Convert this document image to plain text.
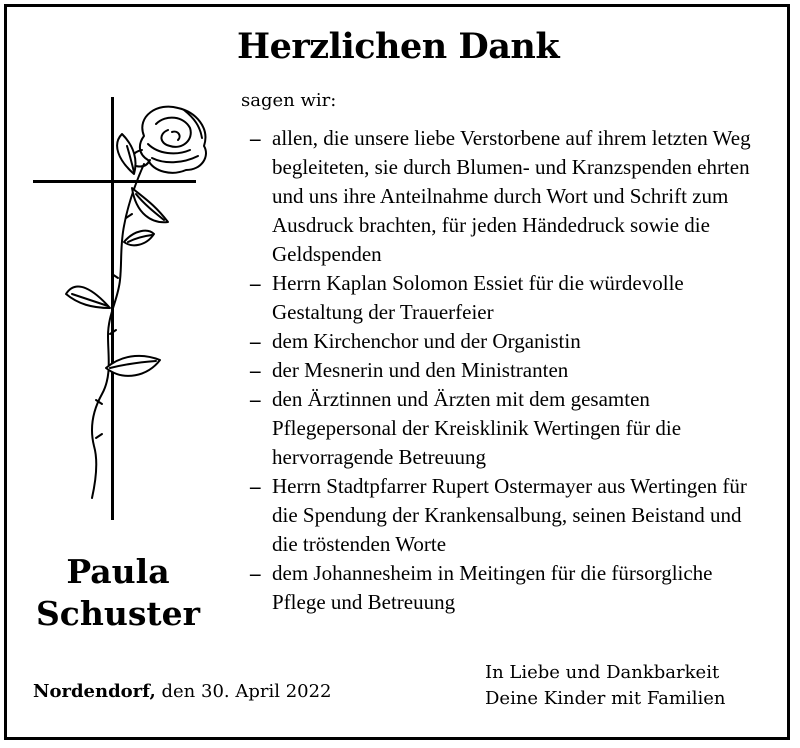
Herzlichen Dank
sagen wir:
– allen, die unsere liebe Verstorbene auf ihrem letzten Weg begleiteten, sie durch Blumen- und Kranzspenden ehrten und uns ihre Anteilnahme durch Wort und Schrift zum Ausdruck brachten, für jeden Händedruck sowie die Geldspenden
– Herrn Kaplan Solomon Essiet für die würdevolle Gestaltung der Trauerfeier
– dem Kirchenchor und der Organistin
– der Mesnerin und den Ministranten
– den Ärztinnen und Ärzten mit dem gesamten Pflegepersonal der Kreisklinik Wertingen für die hervorragende Betreuung
– Herrn Stadtpfarrer Rupert Ostermayer aus Wertingen für die Spendung der Krankensalbung, seinen Beistand und die tröstenden Worte
– dem Johannesheim in Meitingen für die fürsorgliche Pflege und Betreuung
Paula
Schuster
Nordendorf, den 30. April 2022
In Liebe und Dankbarkeit
Deine Kinder mit Familien
